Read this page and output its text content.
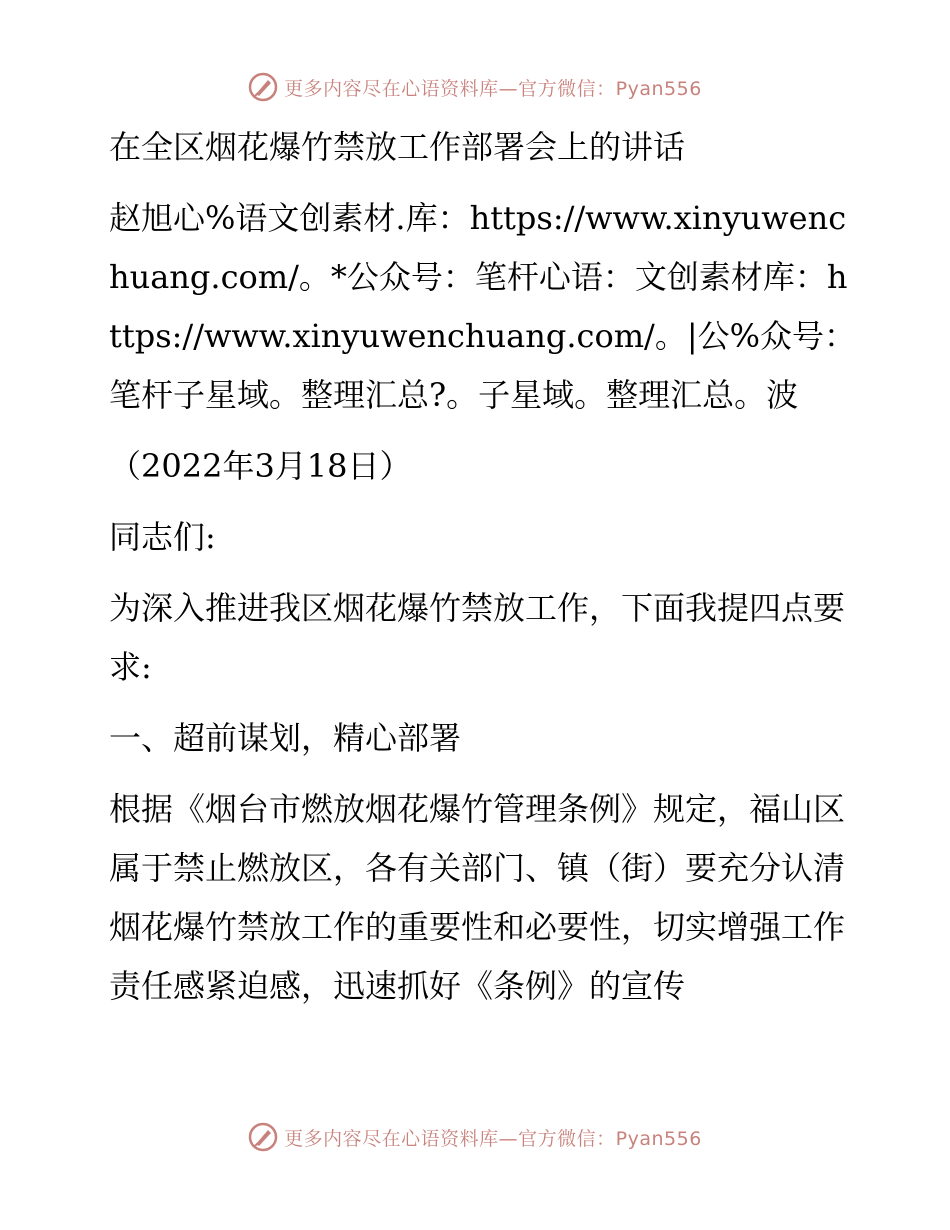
更多内容尽在心语资料库—官方微信：Pyan556

在全区烟花爆竹禁放工作部署会上的讲话

赵旭心%语文创素材.库：https://www.xinyuwenchuang.com/。*公众号：笔杆心语：文创素材库：https://www.xinyuwenchuang.com/。|公%众号：笔杆子星域。整理汇总?。子星域。整理汇总。波

（2022年3月18日）

同志们:

为深入推进我区烟花爆竹禁放工作，下面我提四点要求:

一、超前谋划，精心部署

根据《烟台市燃放烟花爆竹管理条例》规定，福山区属于禁止燃放区，各有关部门、镇（街）要充分认清烟花爆竹禁放工作的重要性和必要性，切实增强工作责任感紧迫感，迅速抓好《条例》的宣传

更多内容尽在心语资料库—官方微信：Pyan556
